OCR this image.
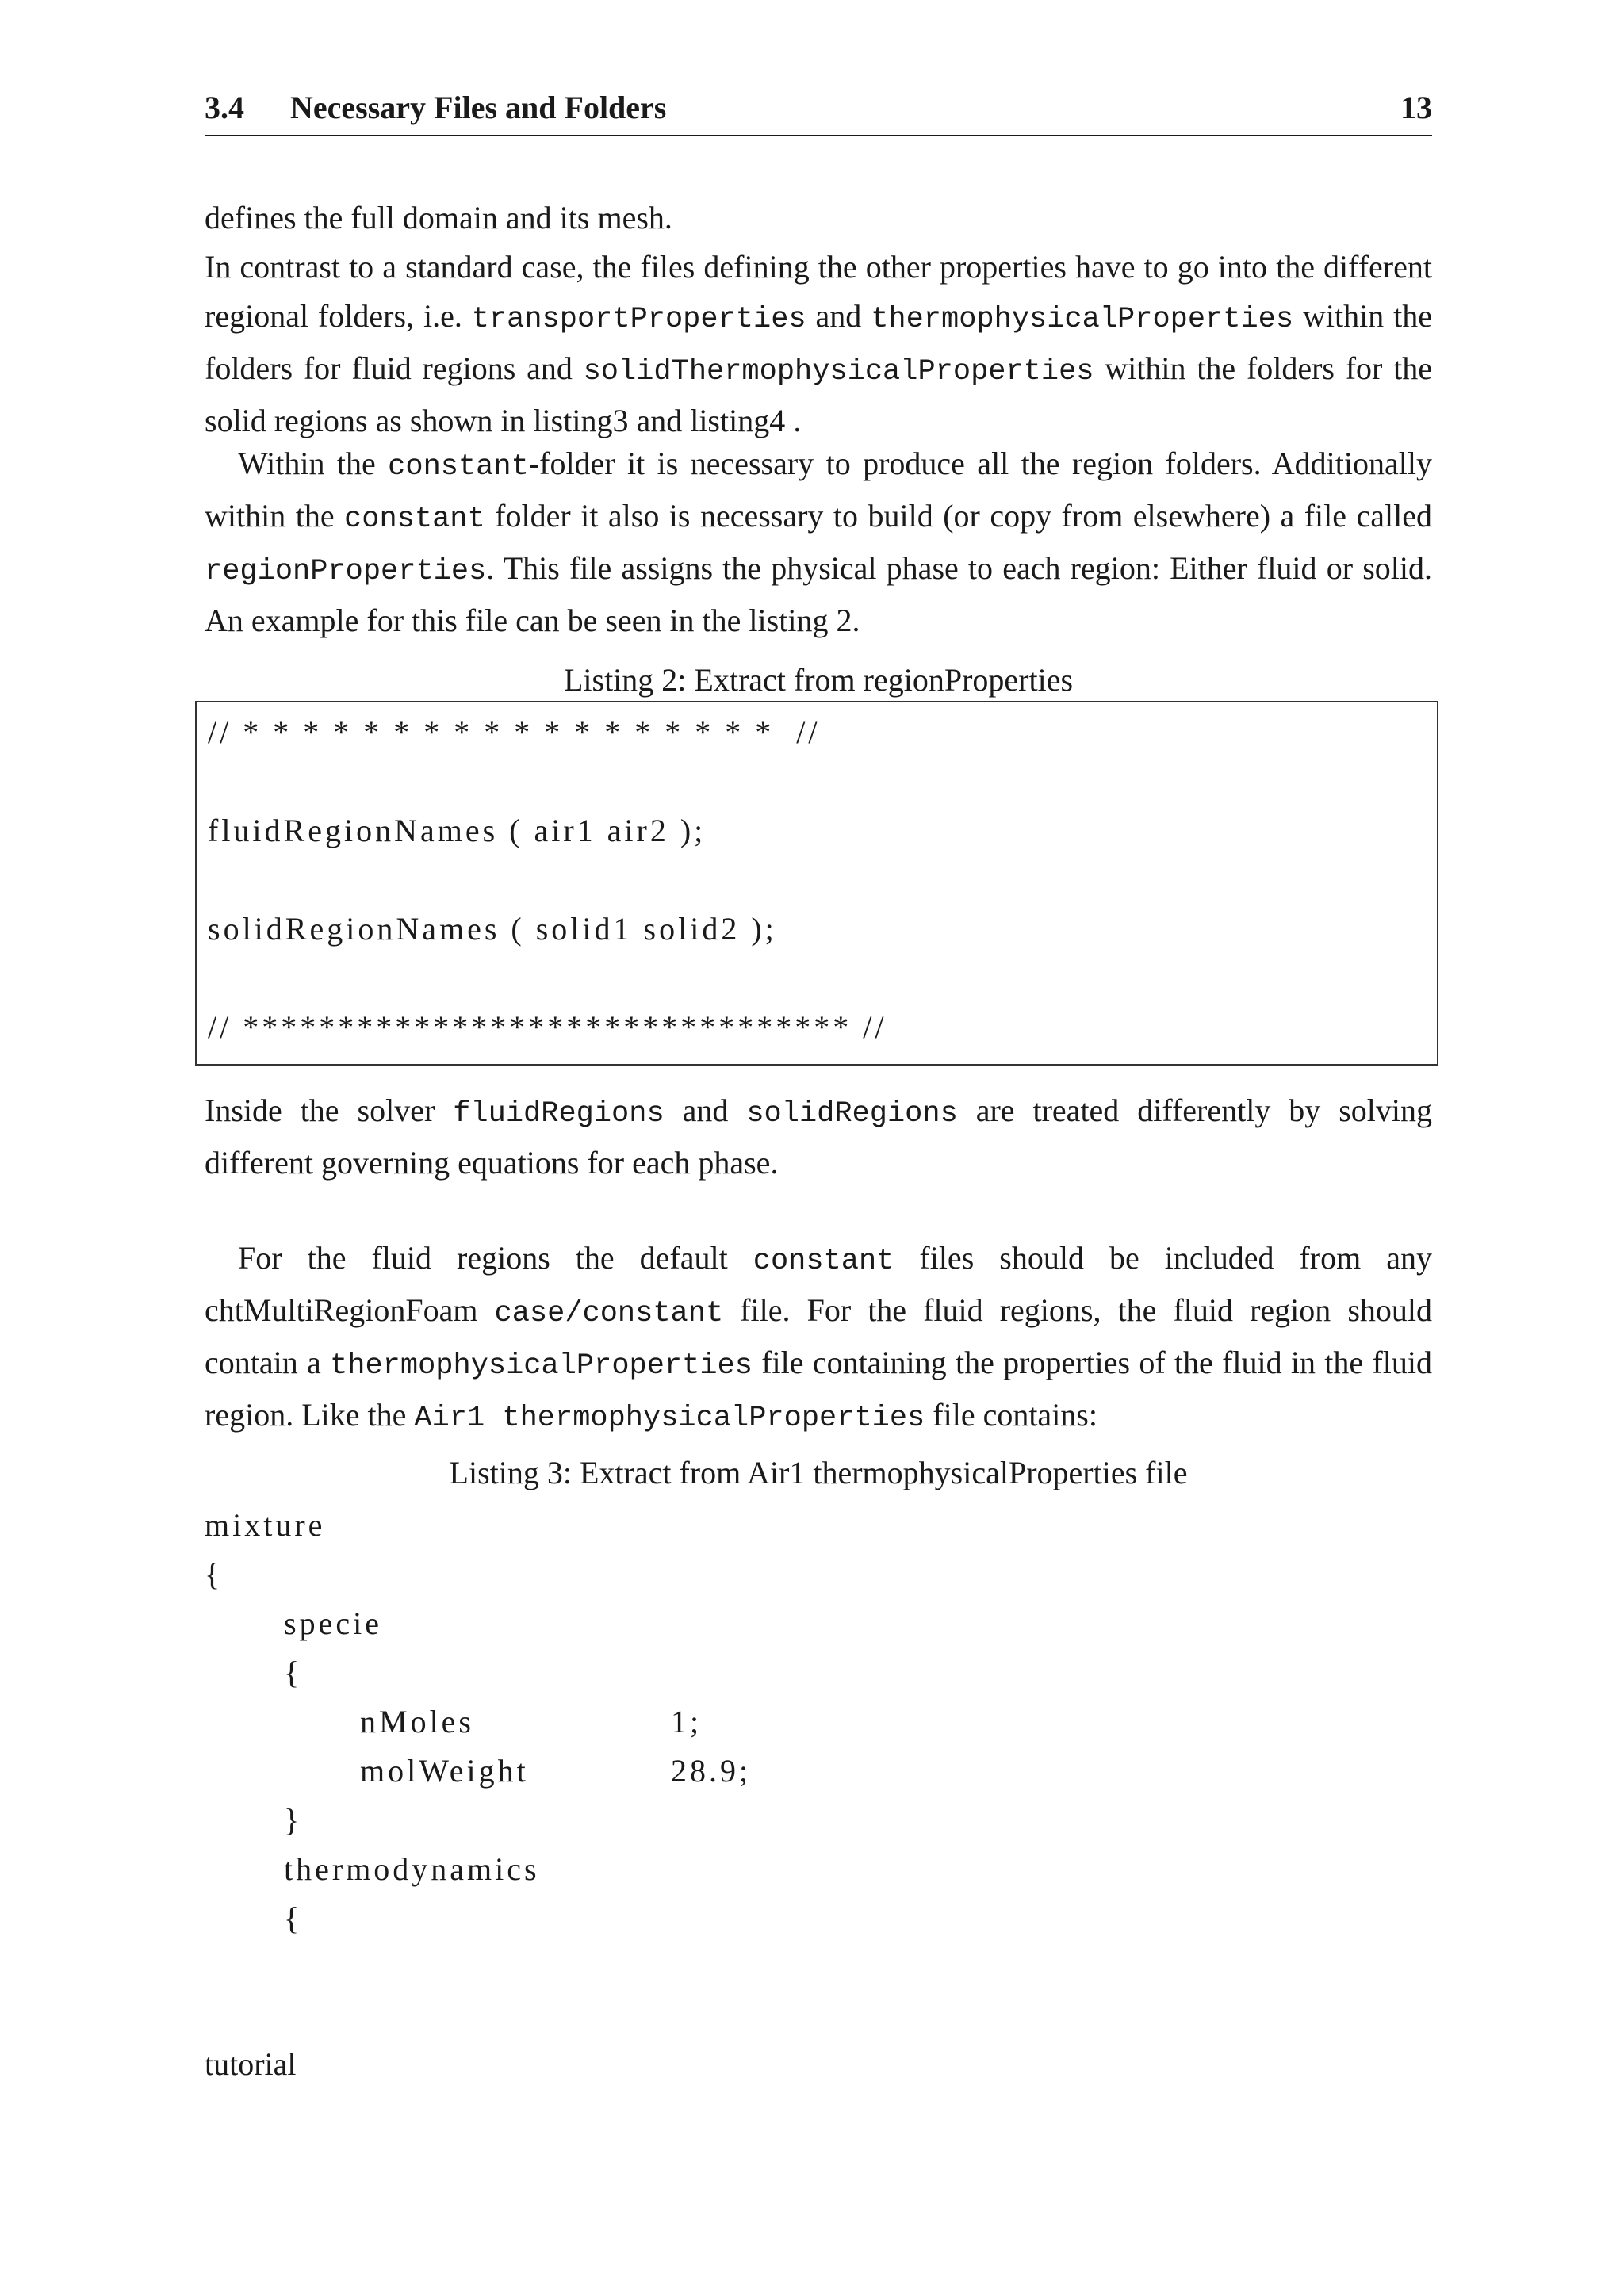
3.4 Necessary Files and Folders	13
defines the full domain and its mesh.
In contrast to a standard case, the files defining the other properties have to go into the different regional folders, i.e. transportProperties and thermophysicalProperties within the folders for fluid regions and solidThermophysicalProperties within the folders for the solid regions as shown in listing3 and listing4 .
Within the constant-folder it is necessary to produce all the region folders. Additionally within the constant folder it also is necessary to build (or copy from elsewhere) a file called regionProperties. This file assigns the physical phase to each region: Either fluid or solid. An example for this file can be seen in the listing 2.
Listing 2: Extract from regionProperties
// * * * * * * * * * * * * * * * * * *  //
fluidRegionNames ( air1 air2 );
solidRegionNames ( solid1 solid2 );
// ******************************** //
Inside the solver fluidRegions and solidRegions are treated differently by solving different governing equations for each phase.
For the fluid regions the default constant files should be included from any chtMultiRegionFoam case/constant file. For the fluid regions, the fluid region should contain a thermophysicalProperties file containing the properties of the fluid in the fluid region. Like the Air1 thermophysicalProperties file contains:
Listing 3: Extract from Air1 thermophysicalProperties file
mixture
{
specie
{
nMoles	1;
molWeight	28.9;
}
thermodynamics
{
tutorial
